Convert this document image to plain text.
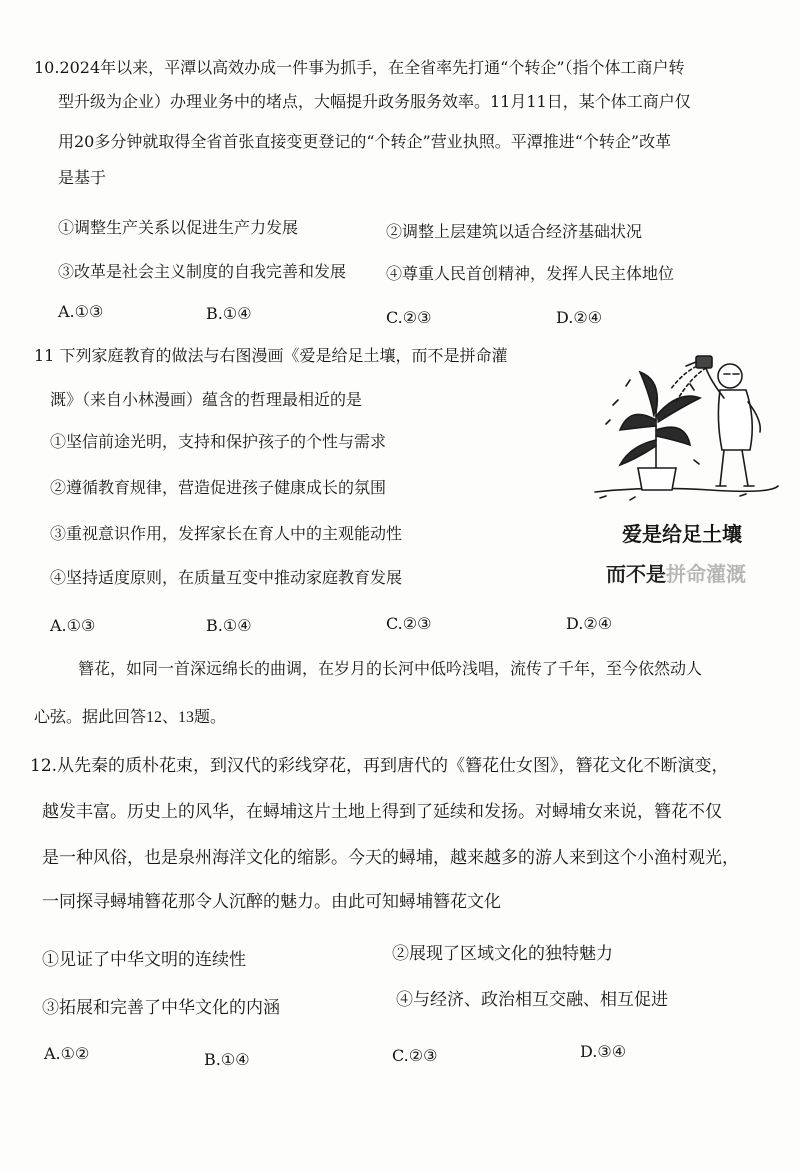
10.2024年以来，平潭以高效办成一件事为抓手，在全省率先打通“个转企”（指个体工商户转
型升级为企业）办理业务中的堵点，大幅提升政务服务效率。11月11日，某个体工商户仅
用20多分钟就取得全省首张直接变更登记的“个转企”营业执照。平潭推进“个转企”改革
是基于
①调整生产关系以促进生产力发展	②调整上层建筑以适合经济基础状况
③改革是社会主义制度的自我完善和发展 ④尊重人民首创精神，发挥人民主体地位
A.①③	B.①④	C.②③	D.②④
11 下列家庭教育的做法与右图漫画《爱是给足土壤，而不是拼命灌
溉》（来自小林漫画）蕴含的哲理最相近的是
①坚信前途光明，支持和保护孩子的个性与需求
②遵循教育规律，营造促进孩子健康成长的氛围
③重视意识作用，发挥家长在育人中的主观能动性
④坚持适度原则，在质量互变中推动家庭教育发展
A.①③	B.①④	C.②③	D.②④
爱是给足土壤
而不是拼命灌溉
簪花，如同一首深远绵长的曲调，在岁月的长河中低吟浅唱，流传了千年，至今依然动人
心弦。据此回答12、13题。
12.从先秦的质朴花束，到汉代的彩线穿花，再到唐代的《簪花仕女图》，簪花文化不断演变，
越发丰富。历史上的风华，在蟳埔这片土地上得到了延续和发扬。对蟳埔女来说，簪花不仅
是一种风俗，也是泉州海洋文化的缩影。今天的蟳埔，越来越多的游人来到这个小渔村观光，
一同探寻蟳埔簪花那令人沉醉的魅力。由此可知蟳埔簪花文化
①见证了中华文明的连续性	②展现了区域文化的独特魅力
③拓展和完善了中华文化的内涵	④与经济、政治相互交融、相互促进
A.①②	B.①④	C.②③	D.③④
